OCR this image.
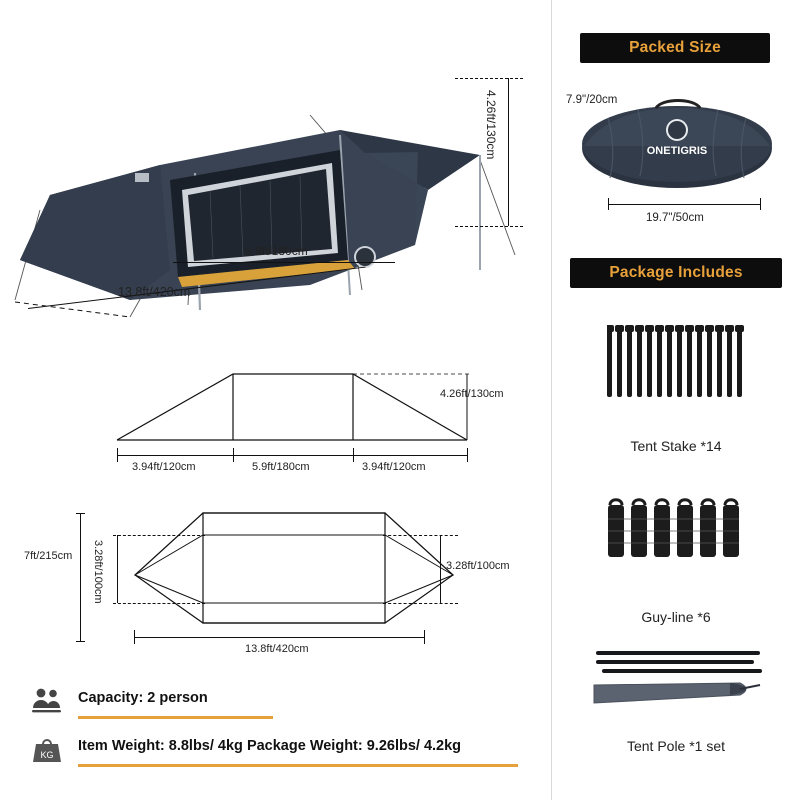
4.26ft/130cm
5.9ft/180cm
13.8ft/420cm
4.26ft/130cm
3.94ft/120cm	5.9ft/180cm	3.94ft/120cm
7ft/215cm 3.28ft/100cm	3.28ft/100cm
13.8ft/420cm
Capacity: 2 person
KG
Item Weight: 8.8lbs/ 4kg Package Weight: 9.26lbs/ 4.2kg
Packed Size
7.9"/20cm
ONETIGRIS
19.7"/50cm
Package Includes
Tent Stake *14
Guy-line *6
Tent Pole *1 set
